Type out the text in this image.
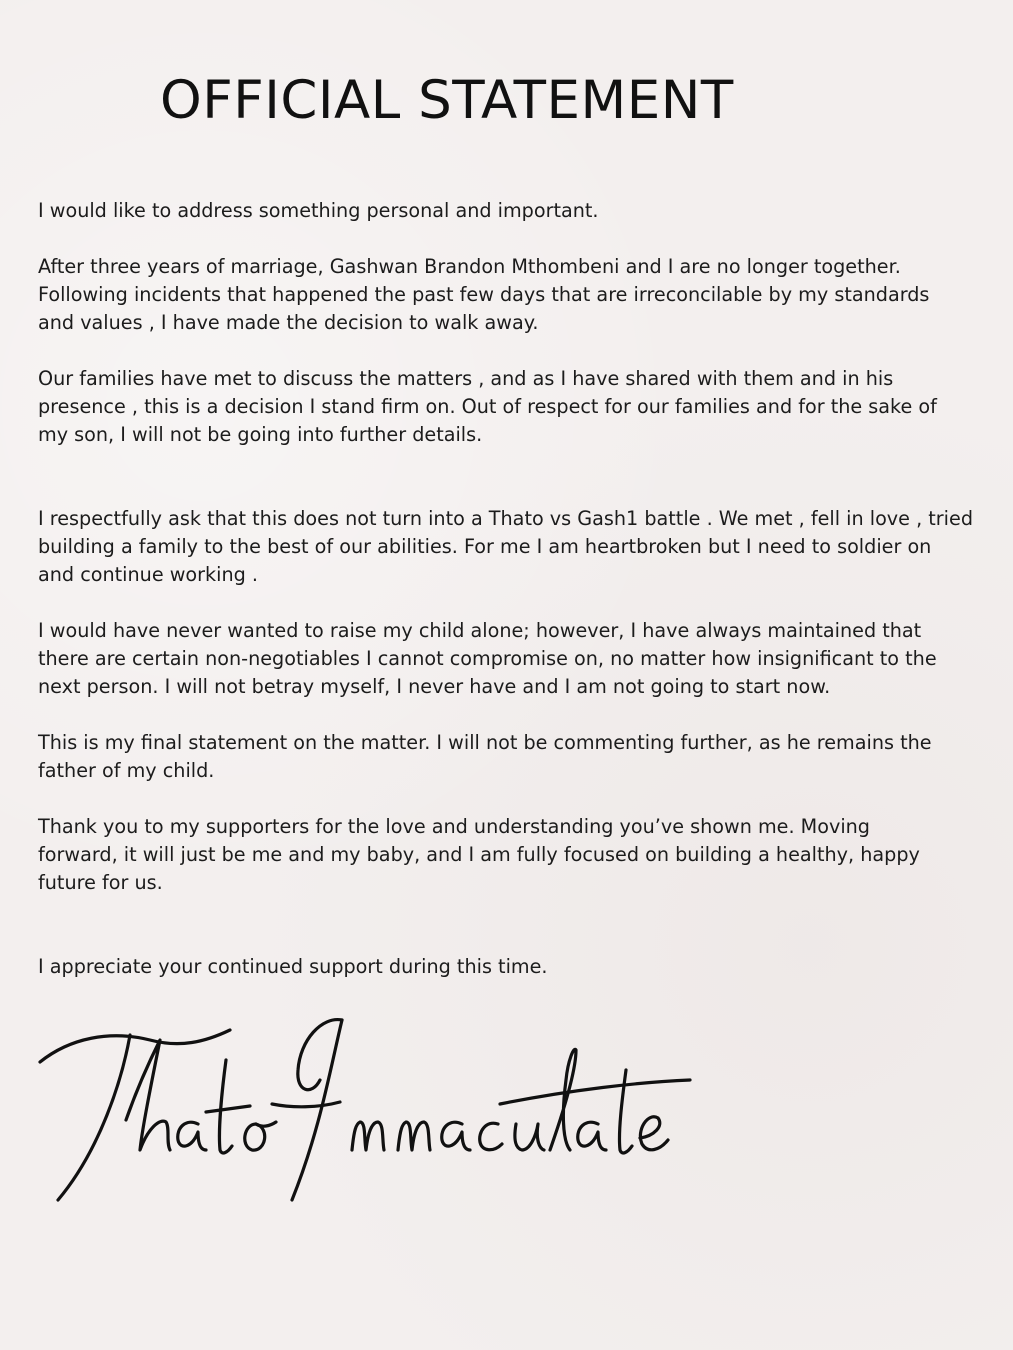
OFFICIAL STATEMENT

I would like to address something personal and important.

After three years of marriage, Gashwan Brandon Mthombeni and I are no longer together.
Following incidents that happened the past few days that are irreconcilable by my standards
and values , I have made the decision to walk away.

Our families have met to discuss the matters , and as I have shared with them and in his
presence , this is a decision I stand firm on. Out of respect for our families and for the sake of
my son, I will not be going into further details.

I respectfully ask that this does not turn into a Thato vs Gash1 battle . We met , fell in love , tried
building a family to the best of our abilities. For me I am heartbroken but I need to soldier on
and continue working .

I would have never wanted to raise my child alone; however, I have always maintained that
there are certain non-negotiables I cannot compromise on, no matter how insignificant to the
next person. I will not betray myself, I never have and I am not going to start now.

This is my final statement on the matter. I will not be commenting further, as he remains the
father of my child.

Thank you to my supporters for the love and understanding you’ve shown me. Moving
forward, it will just be me and my baby, and I am fully focused on building a healthy, happy
future for us.

I appreciate your continued support during this time.
